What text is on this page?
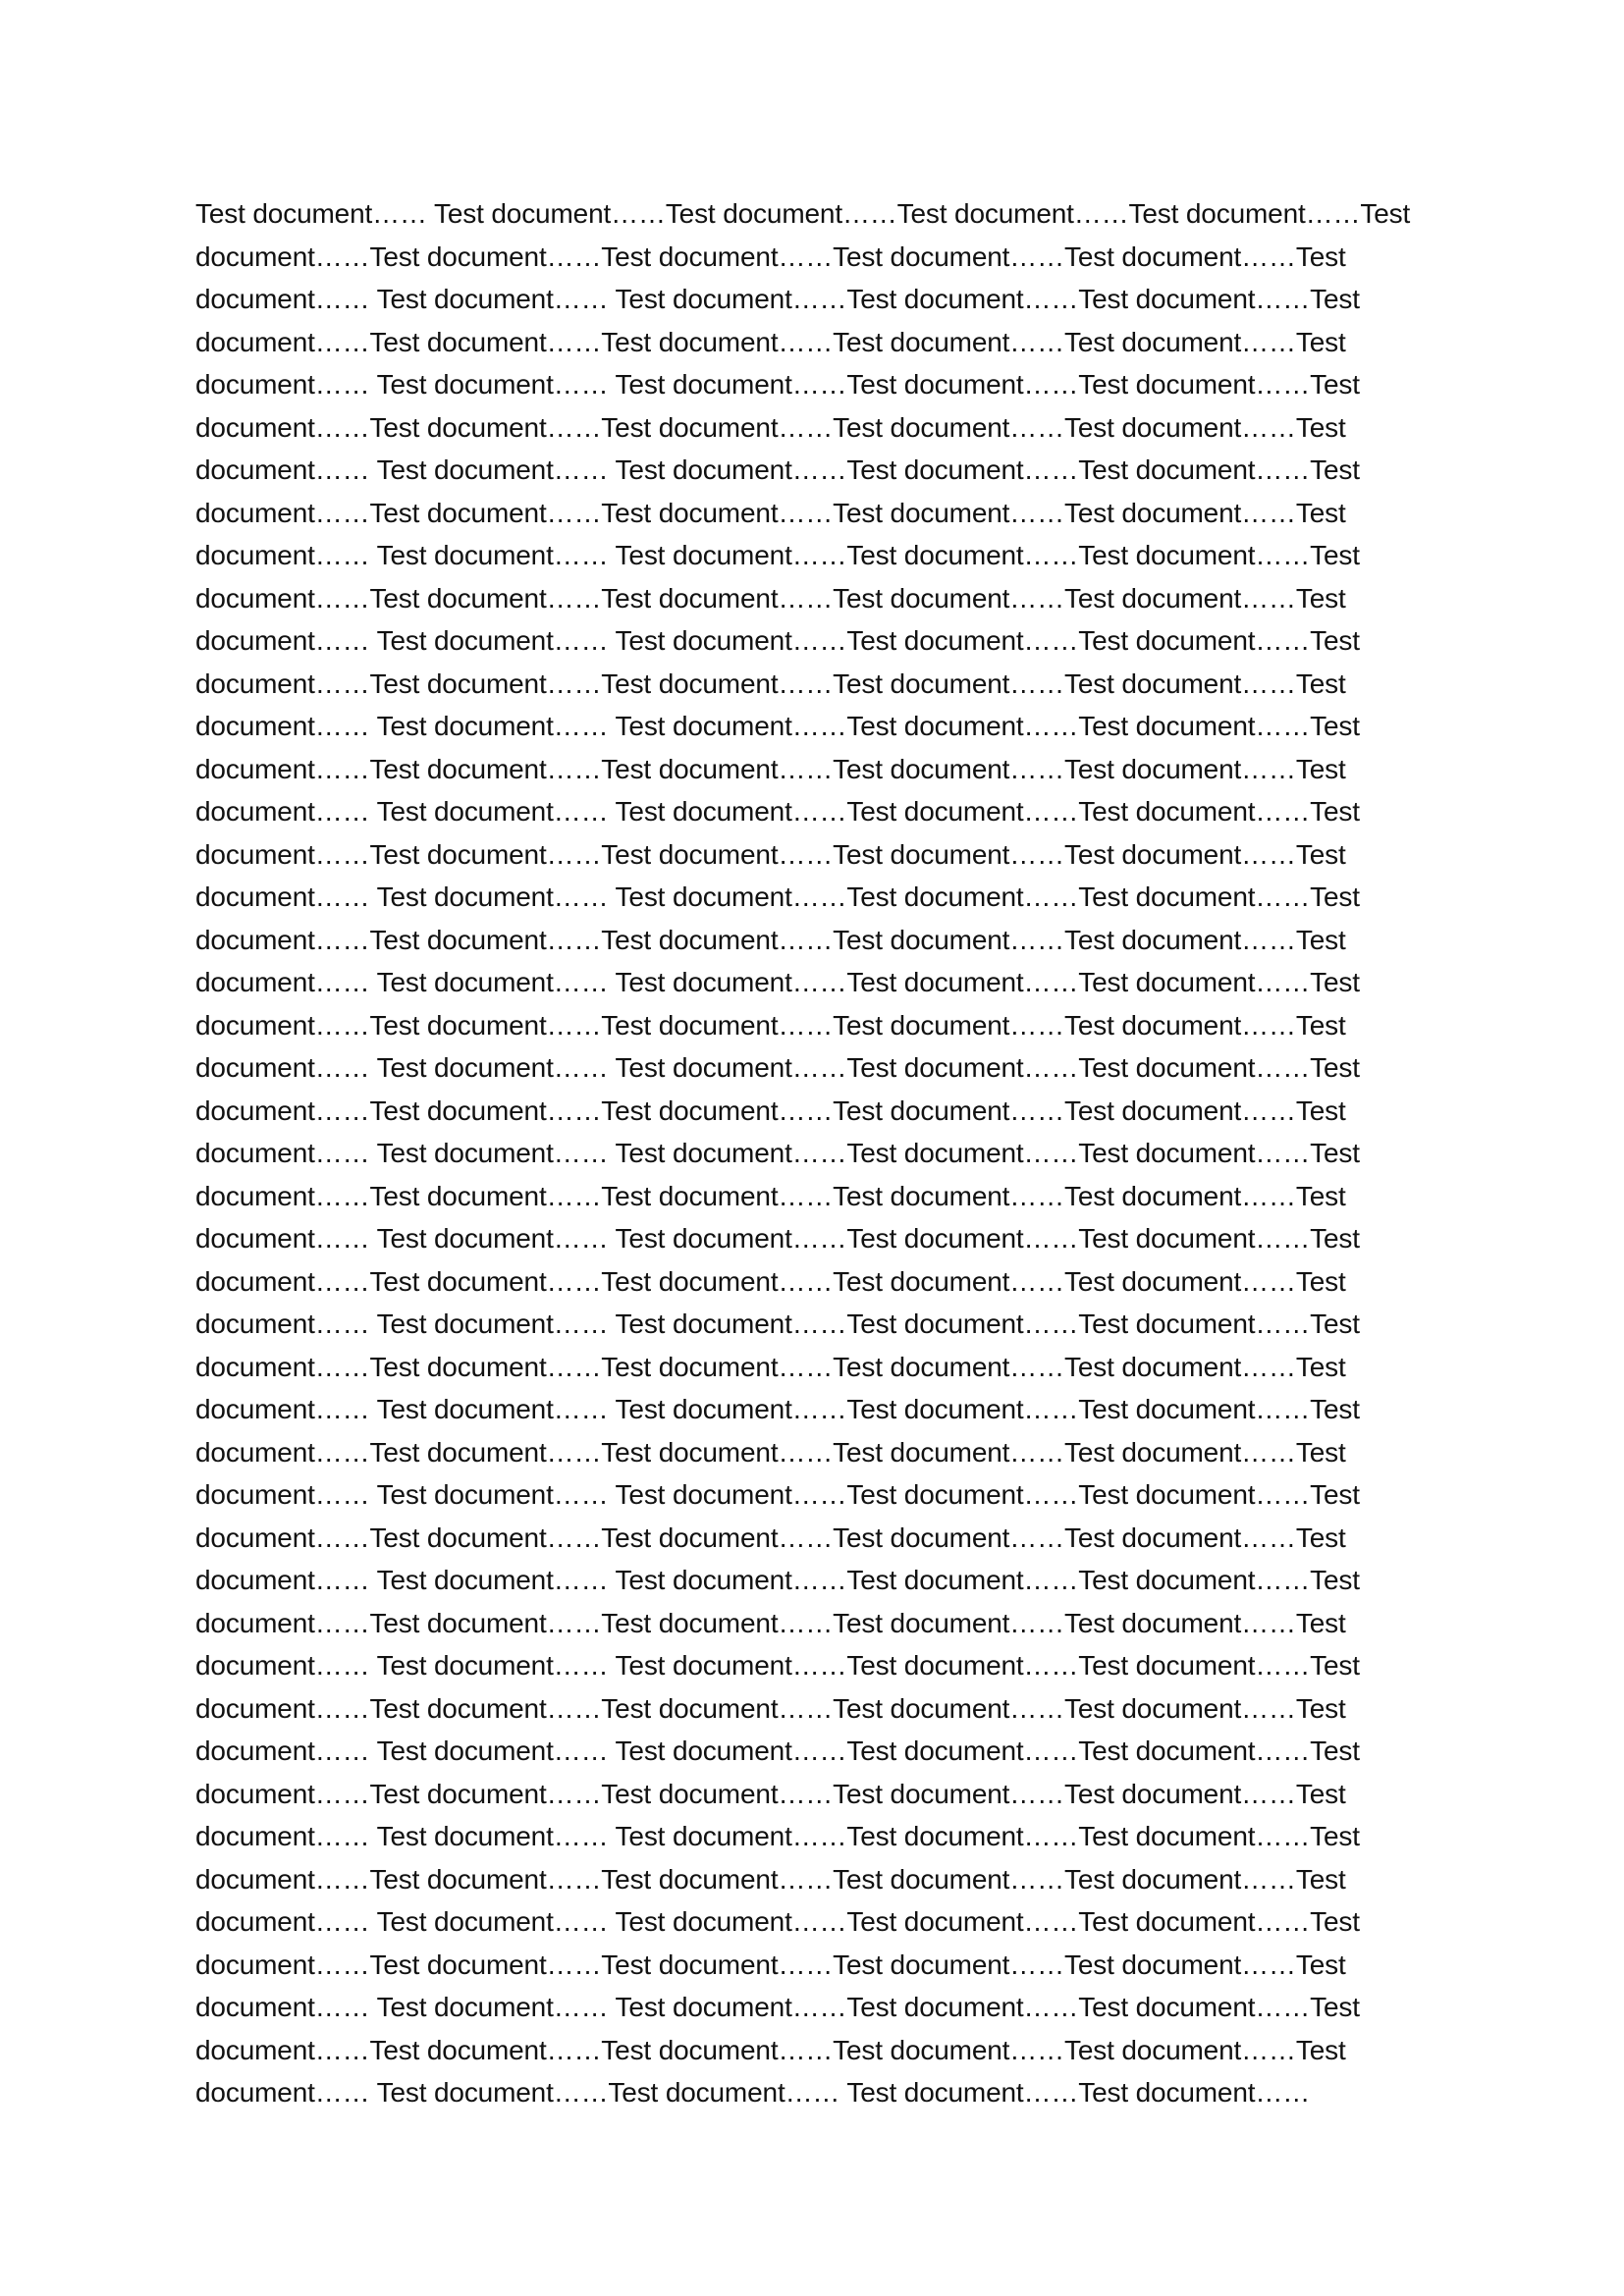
Test document…… Test document……Test document……Test document……Test document……Test
document……Test document……Test document……Test document……Test document……Test
document…… Test document…… Test document……Test document……Test document……Test
document……Test document……Test document……Test document……Test document……Test
document…… Test document…… Test document……Test document……Test document……Test
document……Test document……Test document……Test document……Test document……Test
document…… Test document…… Test document……Test document……Test document……Test
document……Test document……Test document……Test document……Test document……Test
document…… Test document…… Test document……Test document……Test document……Test
document……Test document……Test document……Test document……Test document……Test
document…… Test document…… Test document……Test document……Test document……Test
document……Test document……Test document……Test document……Test document……Test
document…… Test document…… Test document……Test document……Test document……Test
document……Test document……Test document……Test document……Test document……Test
document…… Test document…… Test document……Test document……Test document……Test
document……Test document……Test document……Test document……Test document……Test
document…… Test document…… Test document……Test document……Test document……Test
document……Test document……Test document……Test document……Test document……Test
document…… Test document…… Test document……Test document……Test document……Test
document……Test document……Test document……Test document……Test document……Test
document…… Test document…… Test document……Test document……Test document……Test
document……Test document……Test document……Test document……Test document……Test
document…… Test document…… Test document……Test document……Test document……Test
document……Test document……Test document……Test document……Test document……Test
document…… Test document…… Test document……Test document……Test document……Test
document……Test document……Test document……Test document……Test document……Test
document…… Test document…… Test document……Test document……Test document……Test
document……Test document……Test document……Test document……Test document……Test
document…… Test document…… Test document……Test document……Test document……Test
document……Test document……Test document……Test document……Test document……Test
document…… Test document…… Test document……Test document……Test document……Test
document……Test document……Test document……Test document……Test document……Test
document…… Test document…… Test document……Test document……Test document……Test
document……Test document……Test document……Test document……Test document……Test
document…… Test document…… Test document……Test document……Test document……Test
document……Test document……Test document……Test document……Test document……Test
document…… Test document…… Test document……Test document……Test document……Test
document……Test document……Test document……Test document……Test document……Test
document…… Test document…… Test document……Test document……Test document……Test
document……Test document……Test document……Test document……Test document……Test
document…… Test document…… Test document……Test document……Test document……Test
document……Test document……Test document……Test document……Test document……Test
document…… Test document…… Test document……Test document……Test document……Test
document……Test document……Test document……Test document……Test document……Test
document…… Test document……Test document…… Test document……Test document……
